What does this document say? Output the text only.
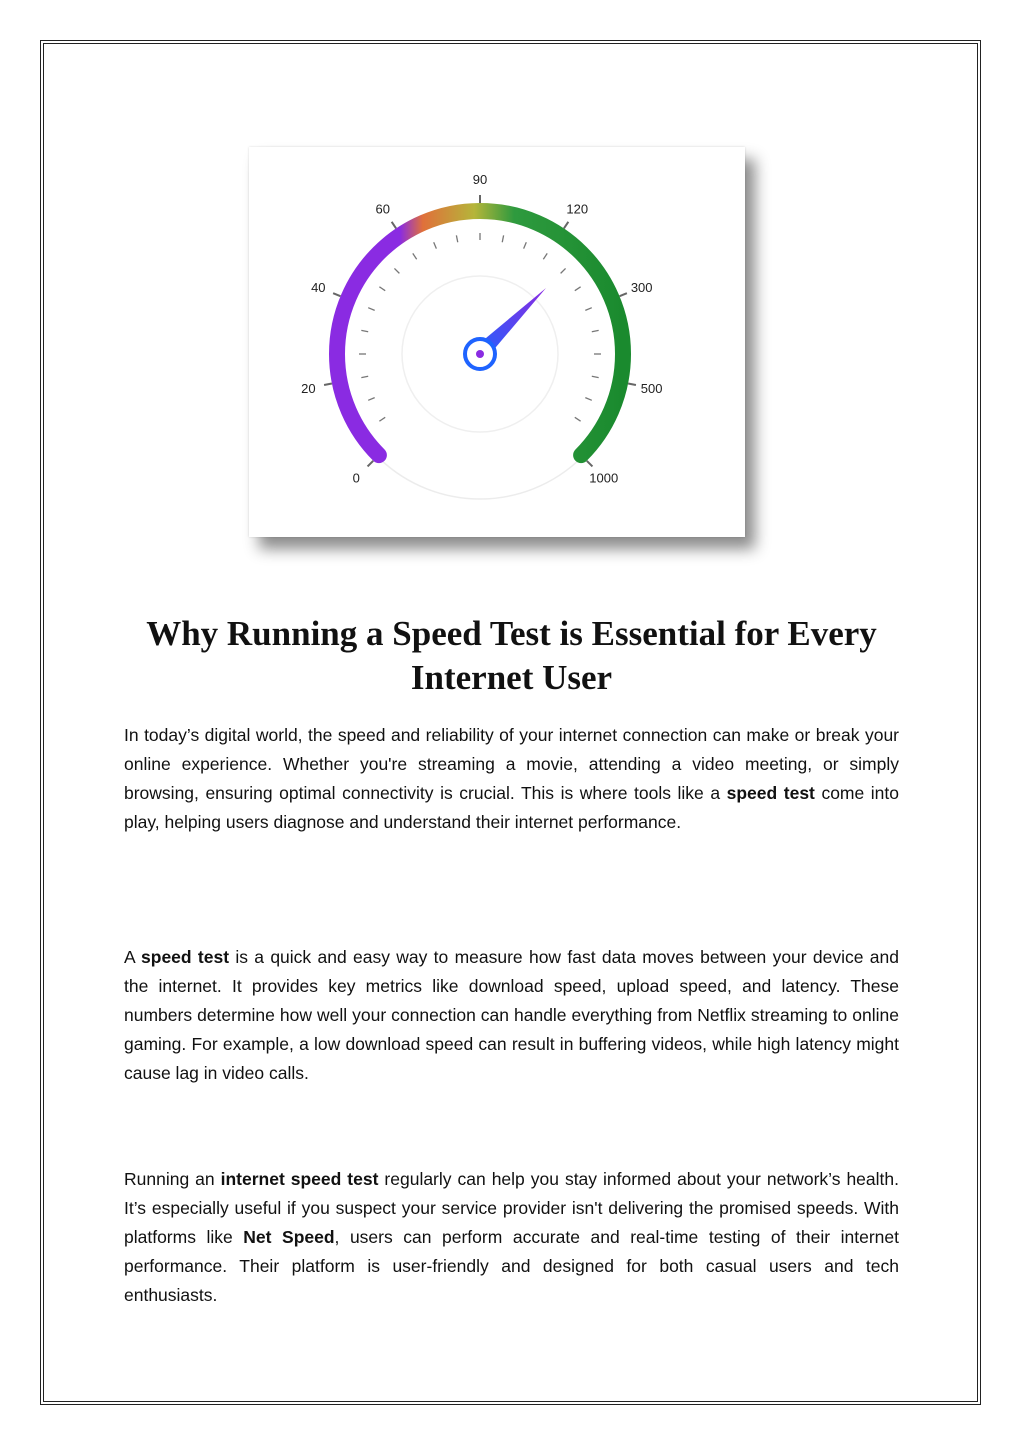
0
20
40
60
90
120
300
500
1000
Why Running a Speed Test is Essential for Every Internet User

In today’s digital world, the speed and reliability of your internet connection can make or break your online experience. Whether you're streaming a movie, attending a video meeting, or simply browsing, ensuring optimal connectivity is crucial. This is where tools like a speed test come into play, helping users diagnose and understand their internet performance.

A speed test is a quick and easy way to measure how fast data moves between your device and the internet. It provides key metrics like download speed, upload speed, and latency. These numbers determine how well your connection can handle everything from Netflix streaming to online gaming. For example, a low download speed can result in buffering videos, while high latency might cause lag in video calls.

Running an internet speed test regularly can help you stay informed about your network’s health. It’s especially useful if you suspect your service provider isn't delivering the promised speeds. With platforms like Net Speed, users can perform accurate and real-time testing of their internet performance. Their platform is user-friendly and designed for both casual users and tech enthusiasts.
